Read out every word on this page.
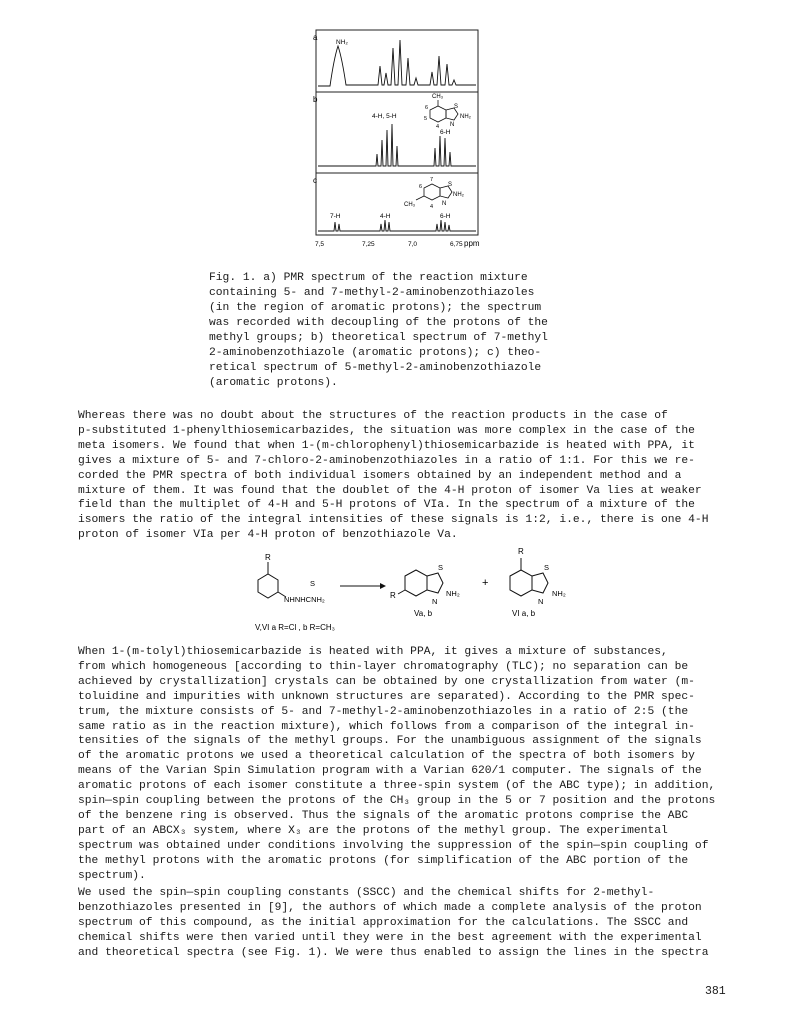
a
b
c
NH₂
CH₃
S
N
NH₂
6
5
4
4-H, 5-H
6-H
CH₃
S
N
NH₂
7
6
4
7-H	4-H	6-H
7,5	7,25	7,0	6,75 ppm
Fig. 1. a) PMR spectrum of the reaction mixture
containing 5- and 7-methyl-2-aminobenzothiazoles
(in the region of aromatic protons); the spectrum
was recorded with decoupling of the protons of the
methyl groups; b) theoretical spectrum of 7-methyl
2-aminobenzothiazole (aromatic protons); c) theo-
retical spectrum of 5-methyl-2-aminobenzothiazole
(aromatic protons).
Whereas there was no doubt about the structures of the reaction products in the case of
p-substituted 1-phenylthiosemicarbazides, the situation was more complex in the case of the
meta isomers. We found that when 1-(m-chlorophenyl)thiosemicarbazide is heated with PPA, it
gives a mixture of 5- and 7-chloro-2-aminobenzothiazoles in a ratio of 1:1. For this we re-
corded the PMR spectra of both individual isomers obtained by an independent method and a
mixture of them. It was found that the doublet of the 4-H proton of isomer Va lies at weaker
field than the multiplet of 4-H and 5-H protons of VIa. In the spectrum of a mixture of the
isomers the ratio of the integral intensities of these signals is 1:2, i.e., there is one 4-H
proton of isomer VIa per 4-H proton of benzothiazole Va.
R
S
NHNHCNH₂
V,VI a R=Cl , b R=CH₃
R
S
N
NH₂
Va, b
+
R
S
N
NH₂
VI a, b
When 1-(m-tolyl)thiosemicarbazide is heated with PPA, it gives a mixture of substances,
from which homogeneous [according to thin-layer chromatography (TLC); no separation can be
achieved by crystallization] crystals can be obtained by one crystallization from water (m-
toluidine and impurities with unknown structures are separated). According to the PMR spec-
trum, the mixture consists of 5- and 7-methyl-2-aminobenzothiazoles in a ratio of 2:5 (the
same ratio as in the reaction mixture), which follows from a comparison of the integral in-
tensities of the signals of the methyl groups. For the unambiguous assignment of the signals
of the aromatic protons we used a theoretical calculation of the spectra of both isomers by
means of the Varian Spin Simulation program with a Varian 620/1 computer. The signals of the
aromatic protons of each isomer constitute a three-spin system (of the ABC type); in addition,
spin—spin coupling between the protons of the CH₃ group in the 5 or 7 position and the protons
of the benzene ring is observed. Thus the signals of the aromatic protons comprise the ABC
part of an ABCX₃ system, where X₃ are the protons of the methyl group. The experimental
spectrum was obtained under conditions involving the suppression of the spin—spin coupling of
the methyl protons with the aromatic protons (for simplification of the ABC portion of the
spectrum).
We used the spin—spin coupling constants (SSCC) and the chemical shifts for 2-methyl-
benzothiazoles presented in [9], the authors of which made a complete analysis of the proton
spectrum of this compound, as the initial approximation for the calculations. The SSCC and
chemical shifts were then varied until they were in the best agreement with the experimental
and theoretical spectra (see Fig. 1). We were thus enabled to assign the lines in the spectra
381
